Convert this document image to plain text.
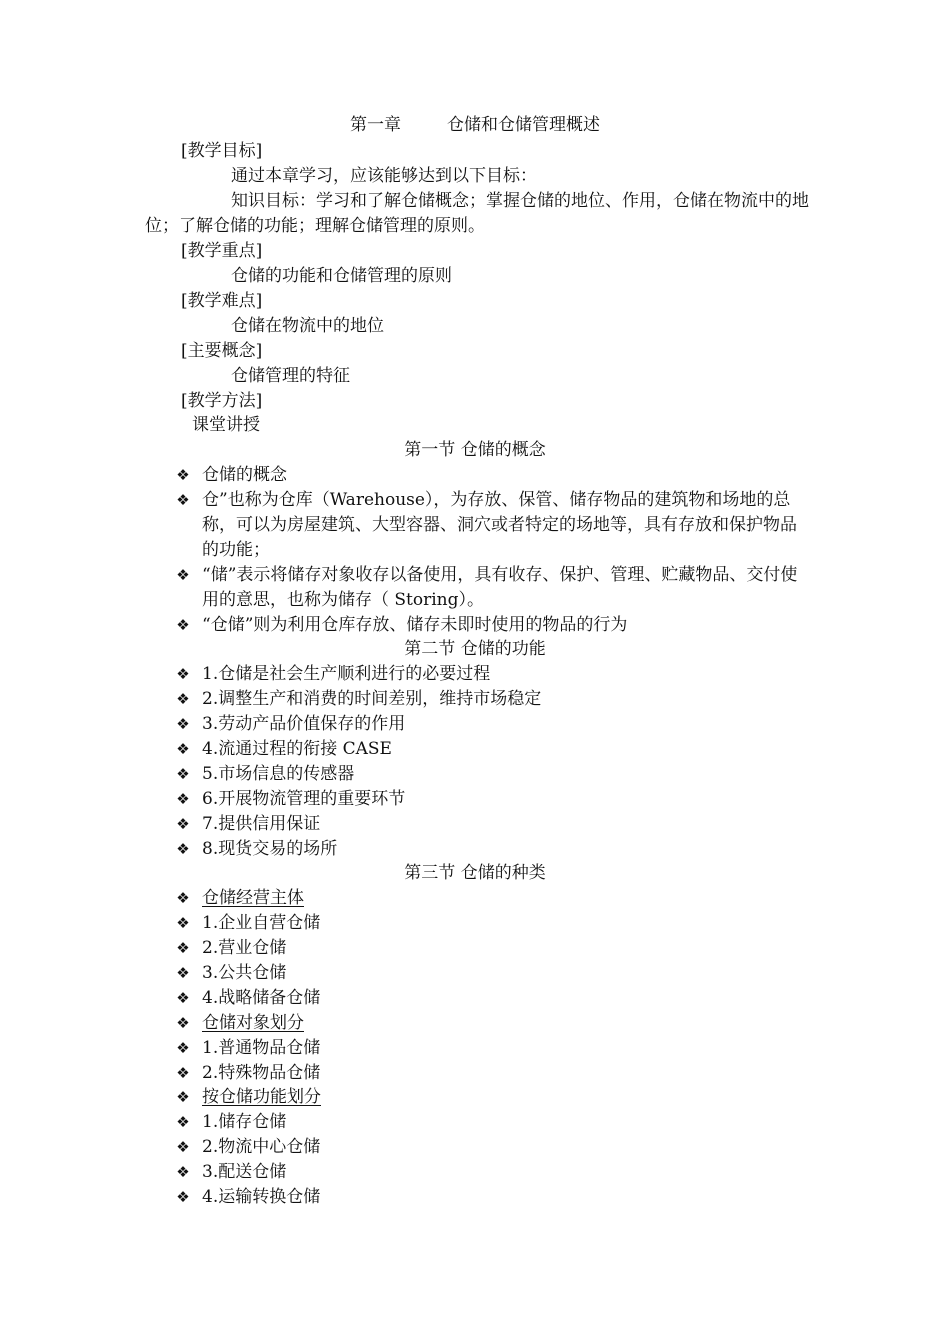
第一章	仓储和仓储管理概述
[教学目标]
通过本章学习，应该能够达到以下目标：
知识目标：学习和了解仓储概念；掌握仓储的地位、作用，仓储在物流中的地位；了解仓储的功能；理解仓储管理的原则。
[教学重点]
仓储的功能和仓储管理的原则
[教学难点]
仓储在物流中的地位
[主要概念]
仓储管理的特征
[教学方法]
课堂讲授
第一节 仓储的概念
❖ 仓储的概念
❖ 仓”也称为仓库（Warehouse），为存放、保管、储存物品的建筑物和场地的总称，可以为房屋建筑、大型容器、洞穴或者特定的场地等，具有存放和保护物品的功能；
❖ “储”表示将储存对象收存以备使用，具有收存、保护、管理、贮藏物品、交付使用的意思，也称为储存（ Storing）。
❖ “仓储”则为利用仓库存放、储存未即时使用的物品的行为
第二节 仓储的功能
❖ 1.仓储是社会生产顺利进行的必要过程
❖ 2.调整生产和消费的时间差别，维持市场稳定
❖ 3.劳动产品价值保存的作用
❖ 4.流通过程的衔接 CASE
❖ 5.市场信息的传感器
❖ 6.开展物流管理的重要环节
❖ 7.提供信用保证
❖ 8.现货交易的场所
第三节 仓储的种类
❖ 仓储经营主体
❖ 1.企业自营仓储
❖ 2.营业仓储
❖ 3.公共仓储
❖ 4.战略储备仓储
❖ 仓储对象划分
❖ 1.普通物品仓储
❖ 2.特殊物品仓储
❖ 按仓储功能划分
❖ 1.储存仓储
❖ 2.物流中心仓储
❖ 3.配送仓储
❖ 4.运输转换仓储
